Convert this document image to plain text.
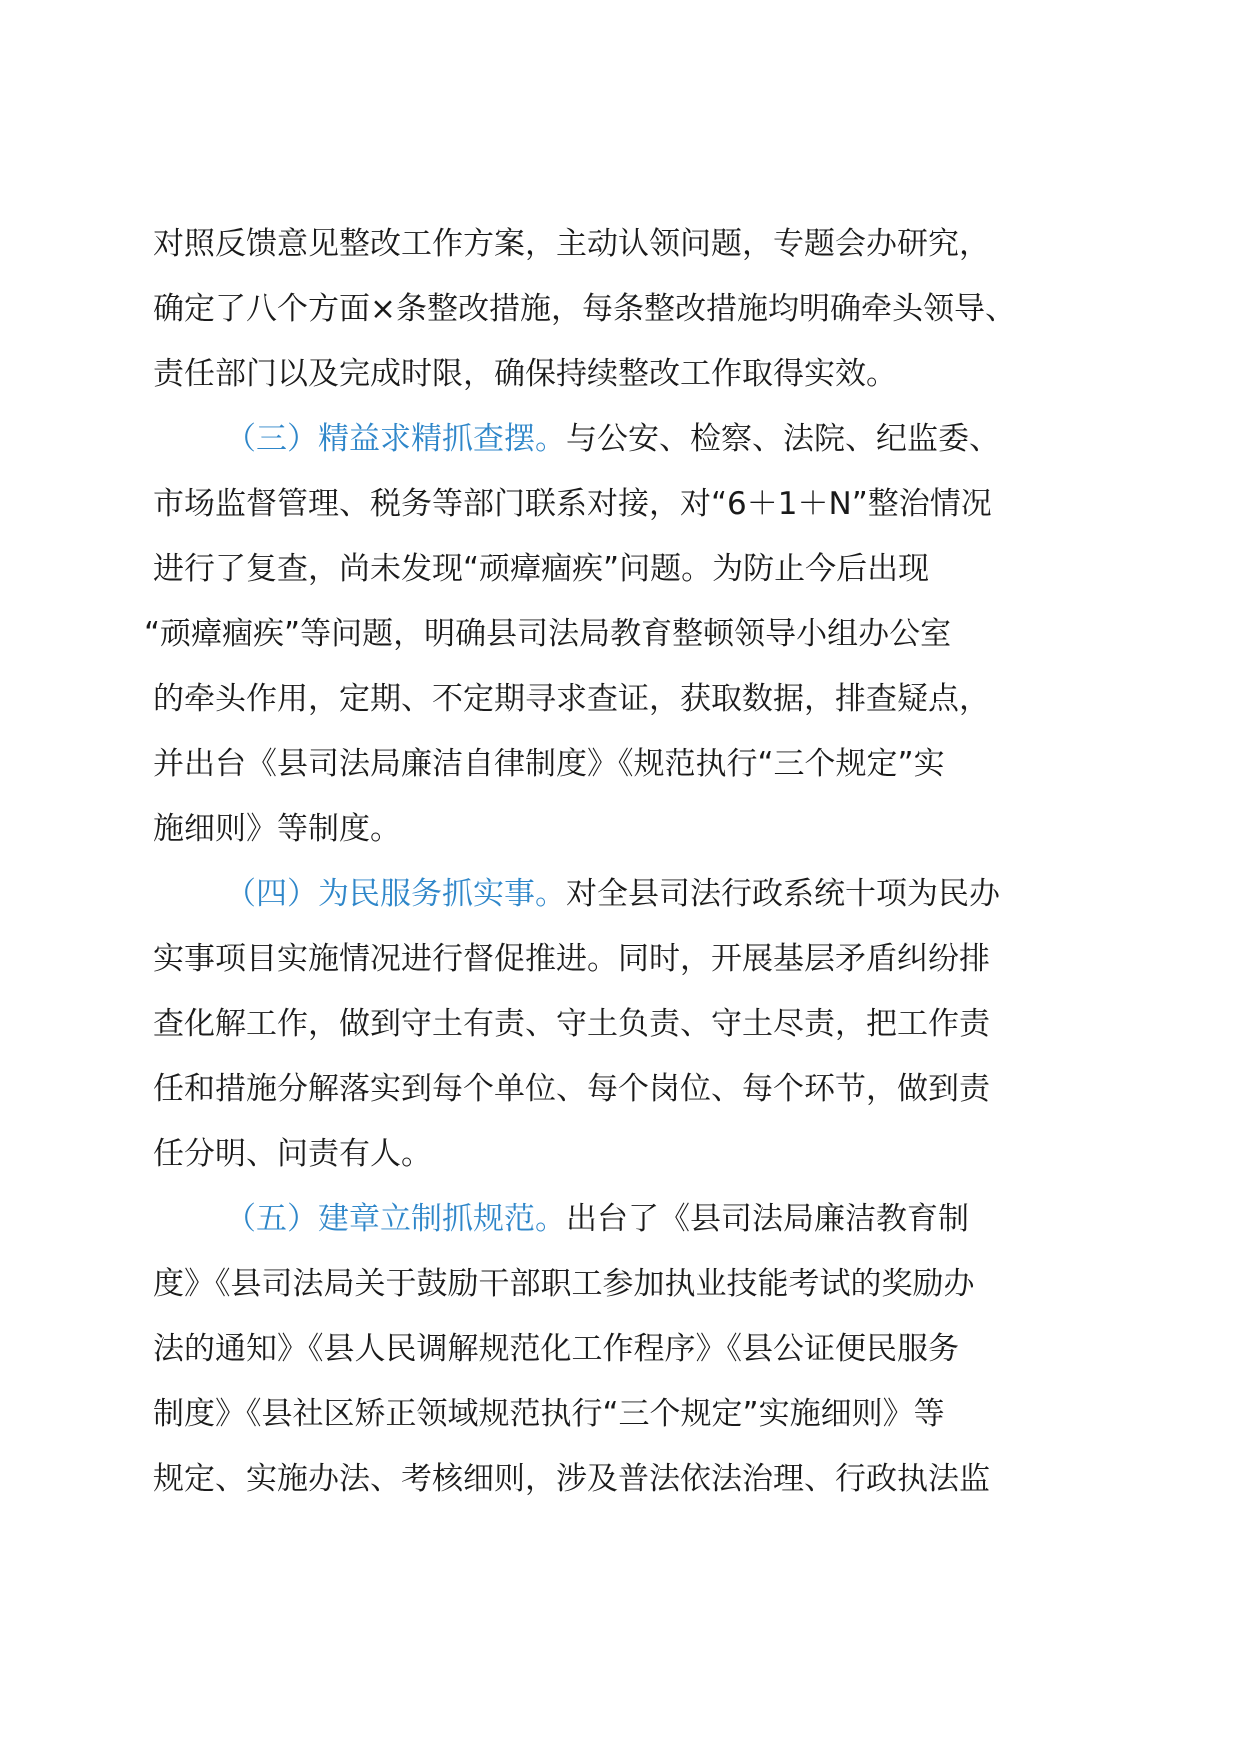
对照反馈意见整改工作方案，主动认领问题，专题会办研究，
确定了八个方面×条整改措施，每条整改措施均明确牵头领导、
责任部门以及完成时限，确保持续整改工作取得实效。
（三）精益求精抓查摆。与公安、检察、法院、纪监委、
市场监督管理、税务等部门联系对接，对“6＋1＋N”整治情况
进行了复查，尚未发现“顽瘴痼疾”问题。为防止今后出现
“顽瘴痼疾”等问题，明确县司法局教育整顿领导小组办公室
的牵头作用，定期、不定期寻求查证，获取数据，排查疑点，
并出台《县司法局廉洁自律制度》《规范执行“三个规定”实
施细则》等制度。
（四）为民服务抓实事。对全县司法行政系统十项为民办
实事项目实施情况进行督促推进。同时，开展基层矛盾纠纷排
查化解工作，做到守土有责、守土负责、守土尽责，把工作责
任和措施分解落实到每个单位、每个岗位、每个环节，做到责
任分明、问责有人。
（五）建章立制抓规范。出台了《县司法局廉洁教育制
度》《县司法局关于鼓励干部职工参加执业技能考试的奖励办
法的通知》《县人民调解规范化工作程序》《县公证便民服务
制度》《县社区矫正领域规范执行“三个规定”实施细则》等
规定、实施办法、考核细则，涉及普法依法治理、行政执法监
